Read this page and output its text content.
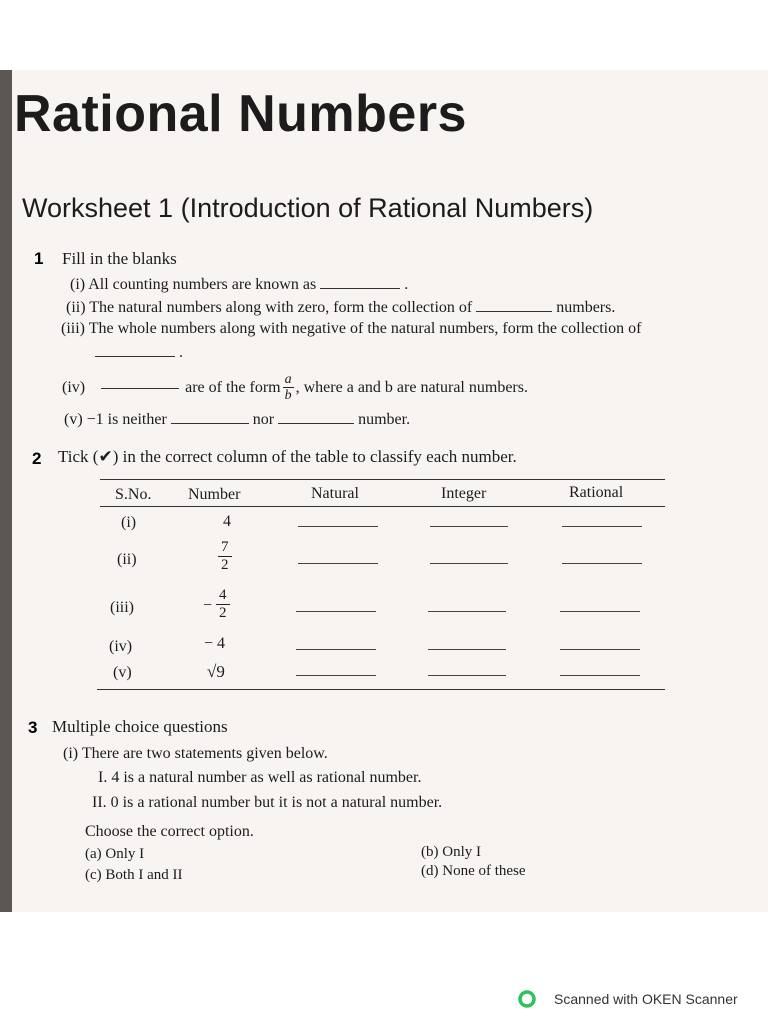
Rational Numbers
Worksheet 1 (Introduction of Rational Numbers)
1 Fill in the blanks
(i) All counting numbers are known as	.
(ii) The natural numbers along with zero, form the collection of	numbers.
(iii) The whole numbers along with negative of the natural numbers, form the collection of
.
(iv)	are of the form $\frac{a}{b}$ , where a and b are natural numbers.
(v) −1 is neither	nor	number.
2 Tick (✔) in the correct column of the table to classify each number.
S.No. Number	Natural	Integer	Rational
(i)	4
(ii)	$\frac{7}{2}$
(iii)	− $\frac{4}{2}$
(iv)	− 4
(v)	√9
3 Multiple choice questions
(i) There are two statements given below.
I. 4 is a natural number as well as rational number.
II. 0 is a rational number but it is not a natural number.
Choose the correct option.
(a) Only I	(b) Only I
(c) Both I and II	(d) None of these
Scanned with OKEN Scanner
